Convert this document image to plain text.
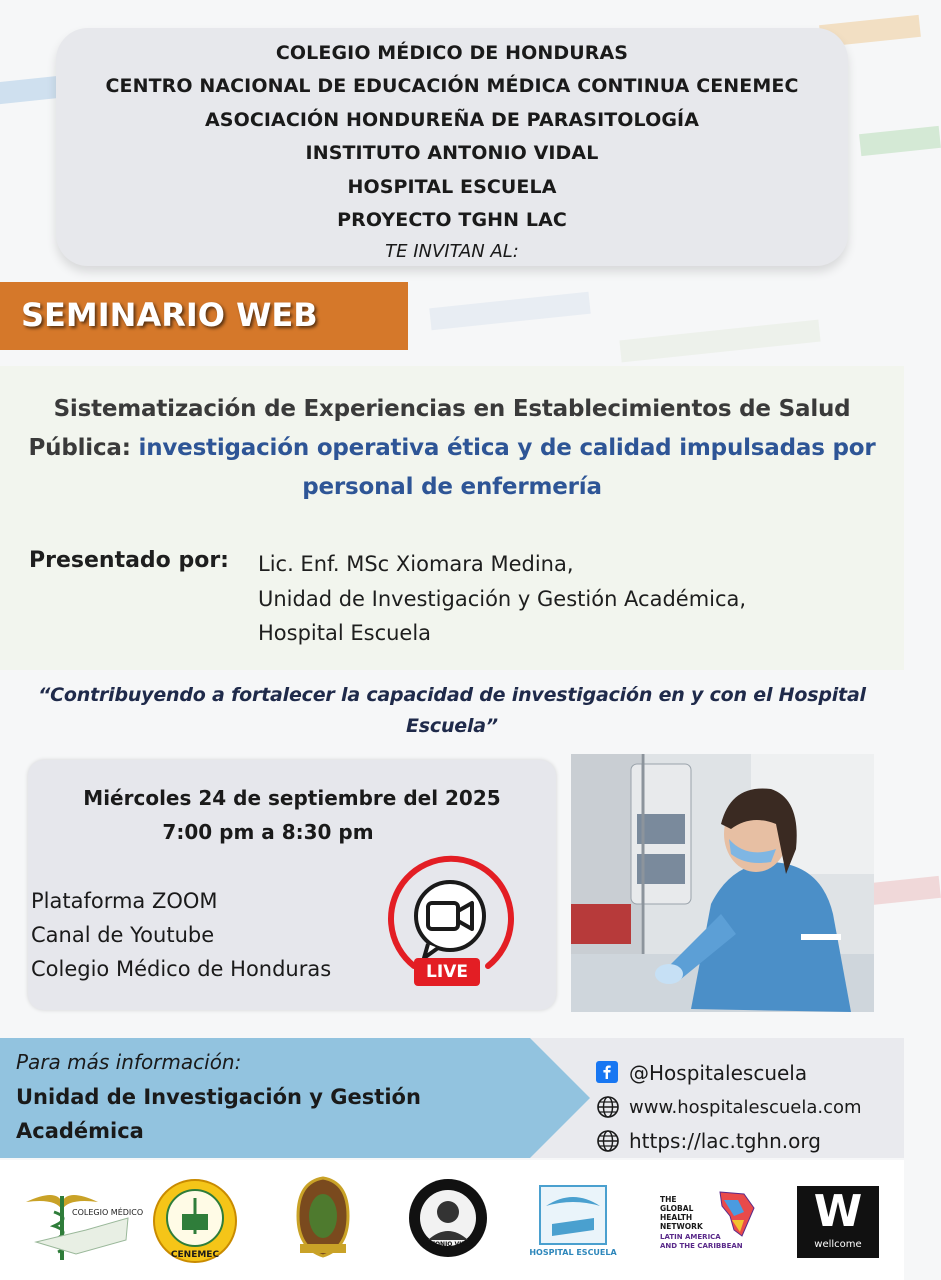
COLEGIO MÉDICO DE HONDURAS
CENTRO NACIONAL DE EDUCACIÓN MÉDICA CONTINUA CENEMEC
ASOCIACIÓN HONDUREÑA DE PARASITOLOGÍA
INSTITUTO ANTONIO VIDAL
HOSPITAL ESCUELA
PROYECTO TGHN LAC
TE INVITAN AL:
SEMINARIO WEB
Sistematización de Experiencias en Establecimientos de Salud Pública: investigación operativa ética y de calidad impulsadas por personal de enfermería
Presentado por: Lic. Enf. MSc Xiomara Medina,
Unidad de Investigación y Gestión Académica,
Hospital Escuela
“Contribuyendo a fortalecer la capacidad de investigación en y con el Hospital Escuela”
Miércoles 24 de septiembre del 2025
7:00 pm a 8:30 pm
Plataforma ZOOM
Canal de Youtube
Colegio Médico de Honduras	LIVE
Para más información:
Unidad de Investigación y Gestión Académica
@Hospitalescuela
www.hospitalescuela.com
https://lac.tghn.org
COLEGIO MÉDICO
CENEMEC
ANTONIO VIDAL
HOSPITAL ESCUELA
THE
GLOBAL
HEALTH
NETWORK
LATIN AMERICA
AND THE CARIBBEAN
W
wellcome
